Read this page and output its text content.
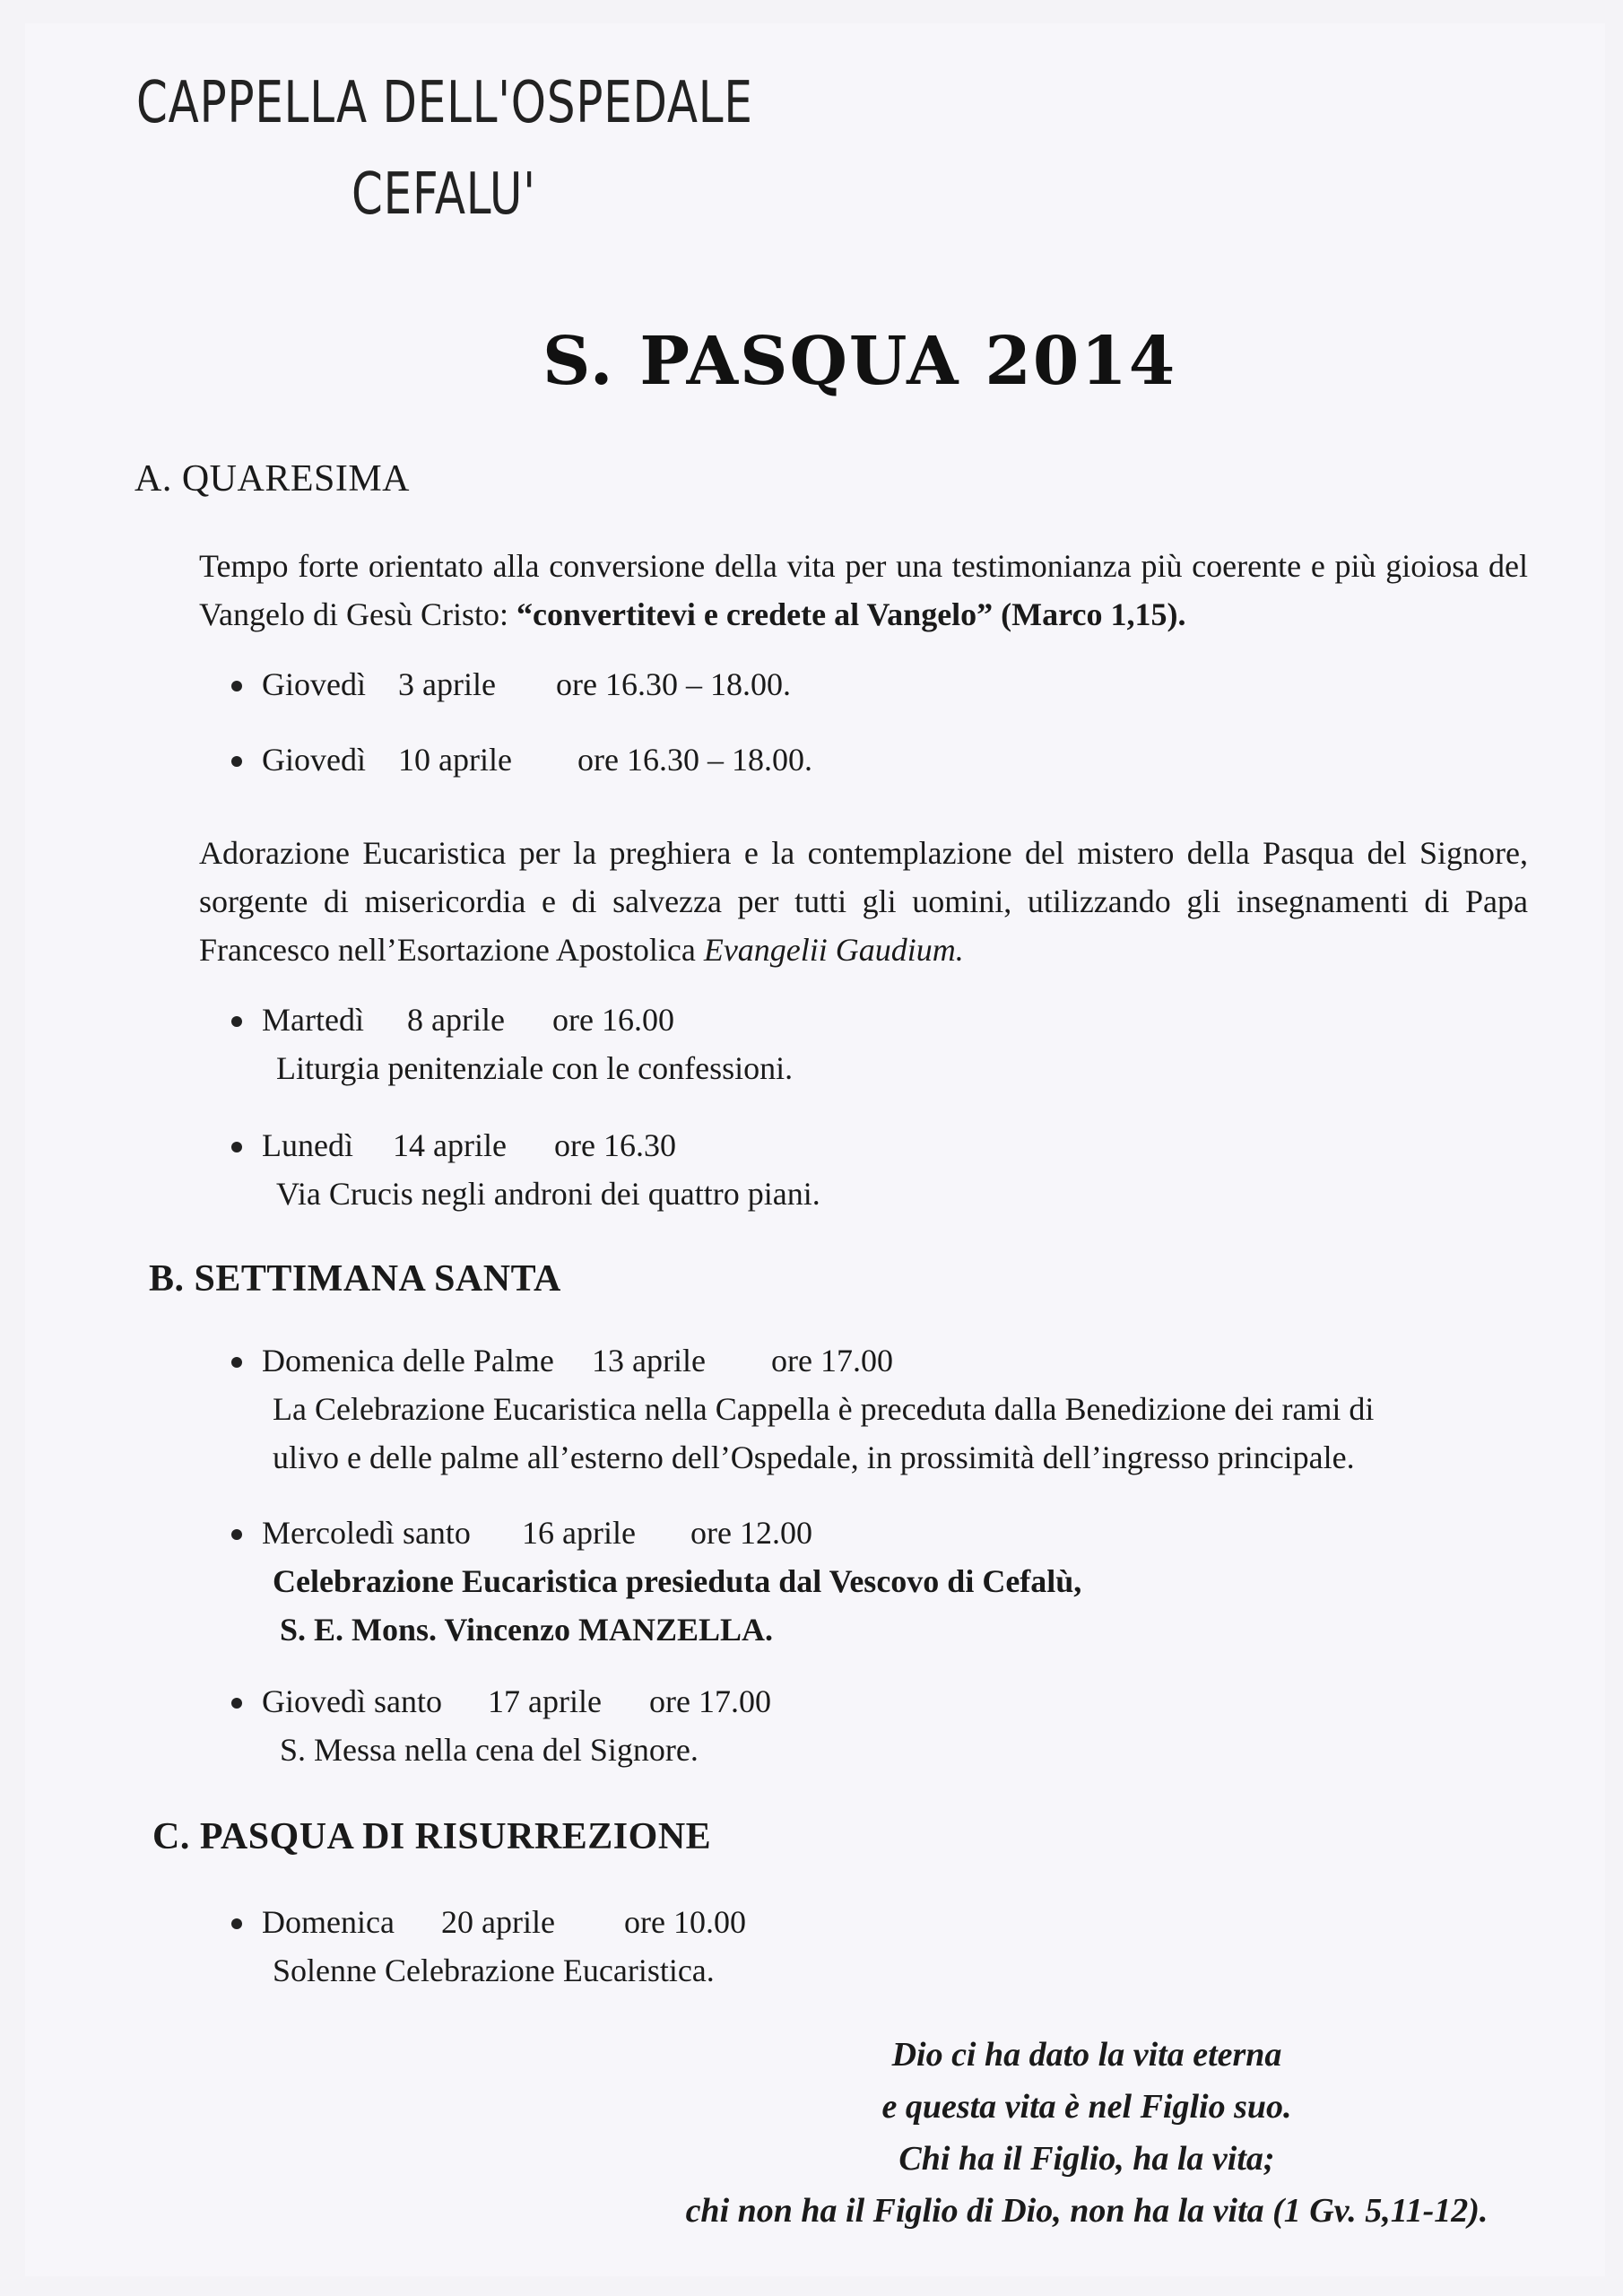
CAPPELLA DELL'OSPEDALE
CEFALU'
S. PASQUA 2014
A. QUARESIMA
Tempo forte orientato alla conversione della vita per una testimonianza più coerente e più gioiosa del Vangelo di Gesù Cristo: “convertitevi e credete al Vangelo” (Marco 1,15).
Giovedì 3 aprile ore 16.30 – 18.00.
Giovedì 10 aprile ore 16.30 – 18.00.
Adorazione Eucaristica per la preghiera e la contemplazione del mistero della Pasqua del Signore, sorgente di misericordia e di salvezza per tutti gli uomini, utilizzando gli insegnamenti di Papa Francesco nell’Esortazione Apostolica Evangelii Gaudium.
Martedì 8 aprile ore 16.00
Liturgia penitenziale con le confessioni.
Lunedì 14 aprile ore 16.30
Via Crucis negli androni dei quattro piani.
B. SETTIMANA SANTA
Domenica delle Palme 13 aprile ore 17.00
La Celebrazione Eucaristica nella Cappella è preceduta dalla Benedizione dei rami di
ulivo e delle palme all’esterno dell’Ospedale, in prossimità dell’ingresso principale.
Mercoledì santo 16 aprile ore 12.00
Celebrazione Eucaristica presieduta dal Vescovo di Cefalù,
S. E. Mons. Vincenzo MANZELLA.
Giovedì santo 17 aprile ore 17.00
S. Messa nella cena del Signore.
C. PASQUA DI RISURREZIONE
Domenica 20 aprile ore 10.00
Solenne Celebrazione Eucaristica.
Dio ci ha dato la vita eterna
e questa vita è nel Figlio suo.
Chi ha il Figlio, ha la vita;
chi non ha il Figlio di Dio, non ha la vita (1 Gv. 5,11-12).
